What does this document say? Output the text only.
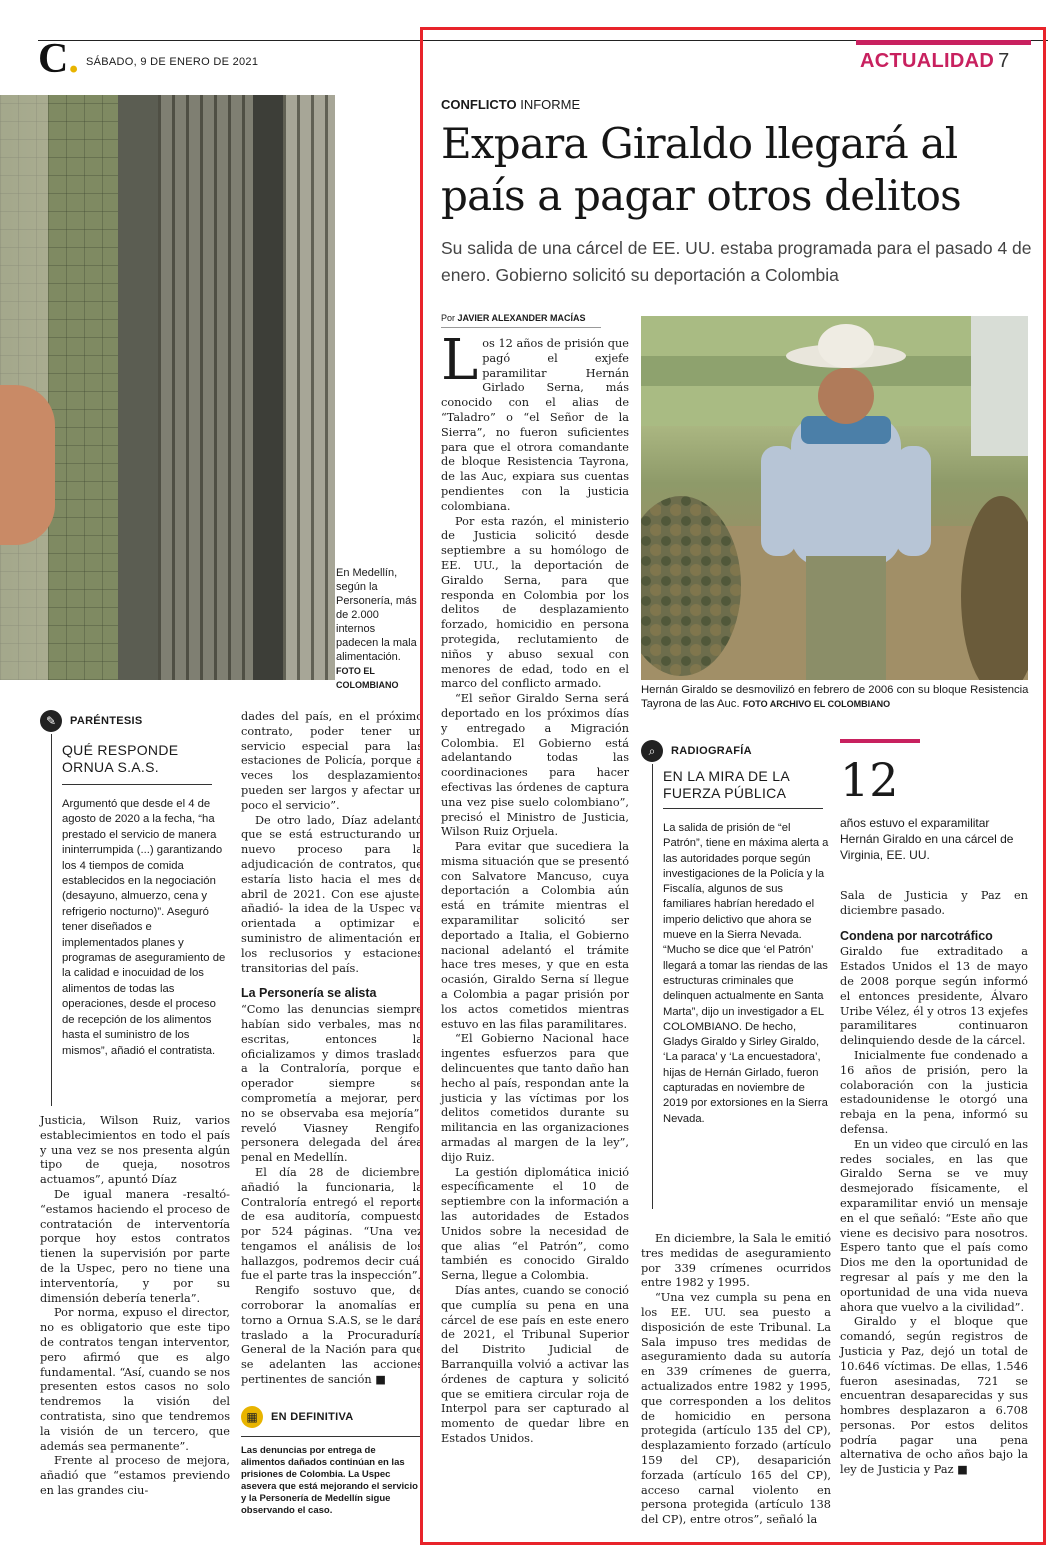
C. SÁBADO, 9 DE ENERO DE 2021	ACTUALIDAD 7
En Medellín, según la Personería, más de 2.000 internos padecen la mala alimentación. FOTO EL COLOMBIANO
✎	PARÉNTESIS
QUÉ RESPONDE ORNUA S.A.S.
Argumentó que desde el 4 de agosto de 2020 a la fecha, “ha prestado el servicio de manera ininterrumpida (...) garantizando los 4 tiempos de comida establecidos en la negociación (desayuno, almuerzo, cena y refrigerio nocturno)”. Aseguró tener diseñados e implementados planes y programas de aseguramiento de la calidad e inocuidad de los alimentos de todas las operaciones, desde el proceso de recepción de los alimentos hasta el suministro de los mismos”, añadió el contratista.

Justicia, Wilson Ruiz, varios establecimientos en todo el país y una vez se nos presenta algún tipo de queja, nosotros actuamos”, apuntó Díaz

De igual manera -resaltó- “estamos haciendo el proceso de contratación de interventoría porque hoy estos contratos tienen la supervisión por parte de la Uspec, pero no tiene una interventoría, y por su dimensión debería tenerla”.

Por norma, expuso el director, no es obligatorio que este tipo de contratos tengan interventor, pero afirmó que es algo fundamental. “Así, cuando se nos presenten estos casos no solo tendremos la visión del contratista, sino que tendremos la visión de un tercero, que además sea permanente”.

Frente al proceso de mejora, añadió que “estamos previendo en las grandes ciu-

dades del país, en el próximo contrato, poder tener un servicio especial para las estaciones de Policía, porque a veces los desplazamientos pueden ser largos y afectar un poco el servicio”.

De otro lado, Díaz adelantó que se está estructurando un nuevo proceso para la adjudicación de contratos, que estaría listo hacia el mes de abril de 2021. Con ese ajuste- añadió- la idea de la Uspec va orientada a optimizar el suministro de alimentación en los reclusorios y estaciones transitorias del país.

La Personería se alista

“Como las denuncias siempre habían sido verbales, mas no escritas, entonces la oficializamos y dimos traslado a la Contraloría, porque el operador siempre se comprometía a mejorar, pero no se observaba esa mejoría”, reveló Viasney Rengifo, personera delegada del área penal en Medellín.

El día 28 de diciembre, añadió la funcionaria, la Contraloría entregó el reporte de esa auditoría, compuesto por 524 páginas. “Una vez tengamos el análisis de los hallazgos, podremos decir cuál fue el parte tras la inspección”.

Rengifo sostuvo que, de corroborar la anomalías en torno a Ornua S.A.S, se le dará traslado a la Procuraduría General de la Nación para que se adelanten las acciones pertinentes de sanción ■

▦	EN DEFINITIVA
Las denuncias por entrega de alimentos dañados continúan en las prisiones de Colombia. La Uspec asevera que está mejorando el servicio y la Personería de Medellín sigue observando el caso.
CONFLICTO INFORME
Expara Giraldo llegará al país a pagar otros delitos
Su salida de una cárcel de EE. UU. estaba programada para el pasado 4 de enero. Gobierno solicitó su deportación a Colombia
Por JAVIER ALEXANDER MACÍAS

Los 12 años de prisión que pagó el exjefe paramilitar Hernán Girlado Serna, más conocido con el alias de “Taladro” o “el Señor de la Sierra”, no fueron suficientes para que el otrora comandante de bloque Resistencia Tayrona, de las Auc, expiara sus cuentas pendientes con la justicia colombiana.

Por esta razón, el ministerio de Justicia solicitó desde septiembre a su homólogo de EE. UU., la deportación de Giraldo Serna, para que responda en Colombia por los delitos de desplazamiento forzado, homicidio en persona protegida, reclutamiento de niños y abuso sexual con menores de edad, todo en el marco del conflicto armado.

“El señor Giraldo Serna será deportado en los próximos días y entregado a Migración Colombia. El Gobierno está adelantando todas las coordinaciones para hacer efectivas las órdenes de captura una vez pise suelo colombiano”, precisó el Ministro de Justicia, Wilson Ruiz Orjuela.

Para evitar que sucediera la misma situación que se presentó con Salvatore Mancuso, cuya deportación a Colombia aún está en trámite mientras el exparamilitar solicitó ser deportado a Italia, el Gobierno nacional adelantó el trámite hace tres meses, y que en esta ocasión, Giraldo Serna sí llegue a Colombia a pagar prisión por los actos cometidos mientras estuvo en las filas paramilitares.

“El Gobierno Nacional hace ingentes esfuerzos para que delincuentes que tanto daño han hecho al país, respondan ante la justicia y las víctimas por los delitos cometidos durante su militancia en las organizaciones armadas al margen de la ley”, dijo Ruiz.

La gestión diplomática inició específicamente el 10 de septiembre con la información a las autoridades de Estados Unidos sobre la necesidad de que alias “el Patrón”, como también es conocido Giraldo Serna, llegue a Colombia.

Días antes, cuando se conoció que cumplía su pena en una cárcel de ese país en este enero de 2021, el Tribunal Superior del Distrito Judicial de Barranquilla volvió a activar las órdenes de captura y solicitó que se emitiera circular roja de Interpol para ser capturado al momento de quedar libre en Estados Unidos.

Hernán Giraldo se desmovilizó en febrero de 2006 con su bloque Resistencia Tayrona de las Auc. FOTO ARCHIVO EL COLOMBIANO
⌕	RADIOGRAFÍA
EN LA MIRA DE LA FUERZA PÚBLICA
La salida de prisión de “el Patrón”, tiene en máxima alerta a las autoridades porque según investigaciones de la Policía y la Fiscalía, algunos de sus familiares habrían heredado el imperio delictivo que ahora se mueve en la Sierra Nevada. “Mucho se dice que ‘el Patrón’ llegará a tomar las riendas de las estructuras criminales que delinquen actualmente en Santa Marta”, dijo un investigador a EL COLOMBIANO. De hecho, Gladys Giraldo y Sirley Giraldo, ‘La paraca’ y ‘La encuestadora’, hijas de Hernán Girlado, fueron capturadas en noviembre de 2019 por extorsiones en la Sierra Nevada.

En diciembre, la Sala le emitió tres medidas de aseguramiento por 339 crímenes ocurridos entre 1982 y 1995.

“Una vez cumpla su pena en los EE. UU. sea puesto a disposición de este Tribunal. La Sala impuso tres medidas de aseguramiento dada su autoría en 339 crímenes de guerra, actualizados entre 1982 y 1995, que corresponden a los delitos de homicidio en persona protegida (artículo 135 del CP), desplazamiento forzado (artículo 159 del CP), desaparición forzada (artículo 165 del CP), acceso carnal violento en persona protegida (artículo 138 del CP), entre otros”, señaló la

12
años estuvo el exparamilitar Hernán Giraldo en una cárcel de Virginia, EE. UU.

Sala de Justicia y Paz en diciembre pasado.

Condena por narcotráfico

Giraldo fue extraditado a Estados Unidos el 13 de mayo de 2008 porque según informó el entonces presidente, Álvaro Uribe Vélez, él y otros 13 exjefes paramilitares continuaron delinquiendo desde de la cárcel.

Inicialmente fue condenado a 16 años de prisión, pero la colaboración con la justicia estadounidense le otorgó una rebaja en la pena, informó su defensa.

En un video que circuló en las redes sociales, en las que Giraldo Serna se ve muy desmejorado físicamente, el exparamilitar envió un mensaje en el que señaló: “Este año que viene es decisivo para nosotros. Espero tanto que el país como Dios me den la oportunidad de regresar al país y me den la oportunidad de una vida nueva ahora que vuelvo a la civilidad”.

Giraldo y el bloque que comandó, según registros de Justicia y Paz, dejó un total de 10.646 víctimas. De ellas, 1.546 fueron asesinadas, 721 se encuentran desaparecidas y sus hombres desplazaron a 6.708 personas. Por estos delitos podría pagar una pena alternativa de ocho años bajo la ley de Justicia y Paz ■
